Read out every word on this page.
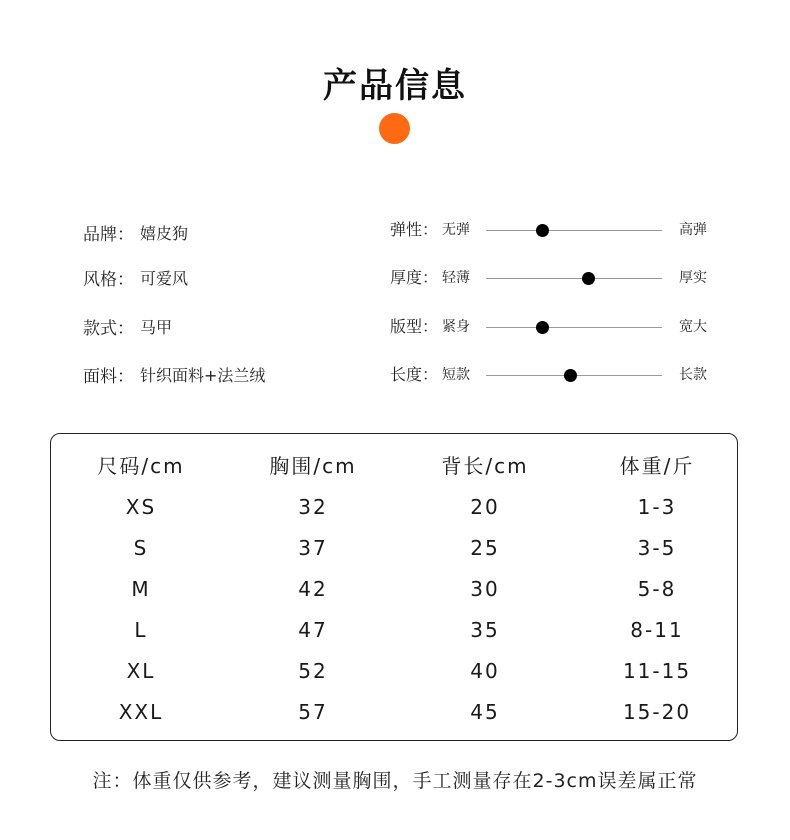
产品信息
品牌： 嬉皮狗
风格： 可爱风
款式： 马甲
面料： 针织面料+法兰绒
弹性： 无弹	高弹
厚度： 轻薄	厚实
版型： 紧身	宽大
长度： 短款	长款
尺码/cm	胸围/cm	背长/cm	体重/斤
XS	32	20	1-3
S	37	25	3-5
M	42	30	5-8
L	47	35	8-11
XL	52	40	11-15
XXL	57	45	15-20
注：体重仅供参考，建议测量胸围，手工测量存在2-3cm误差属正常
